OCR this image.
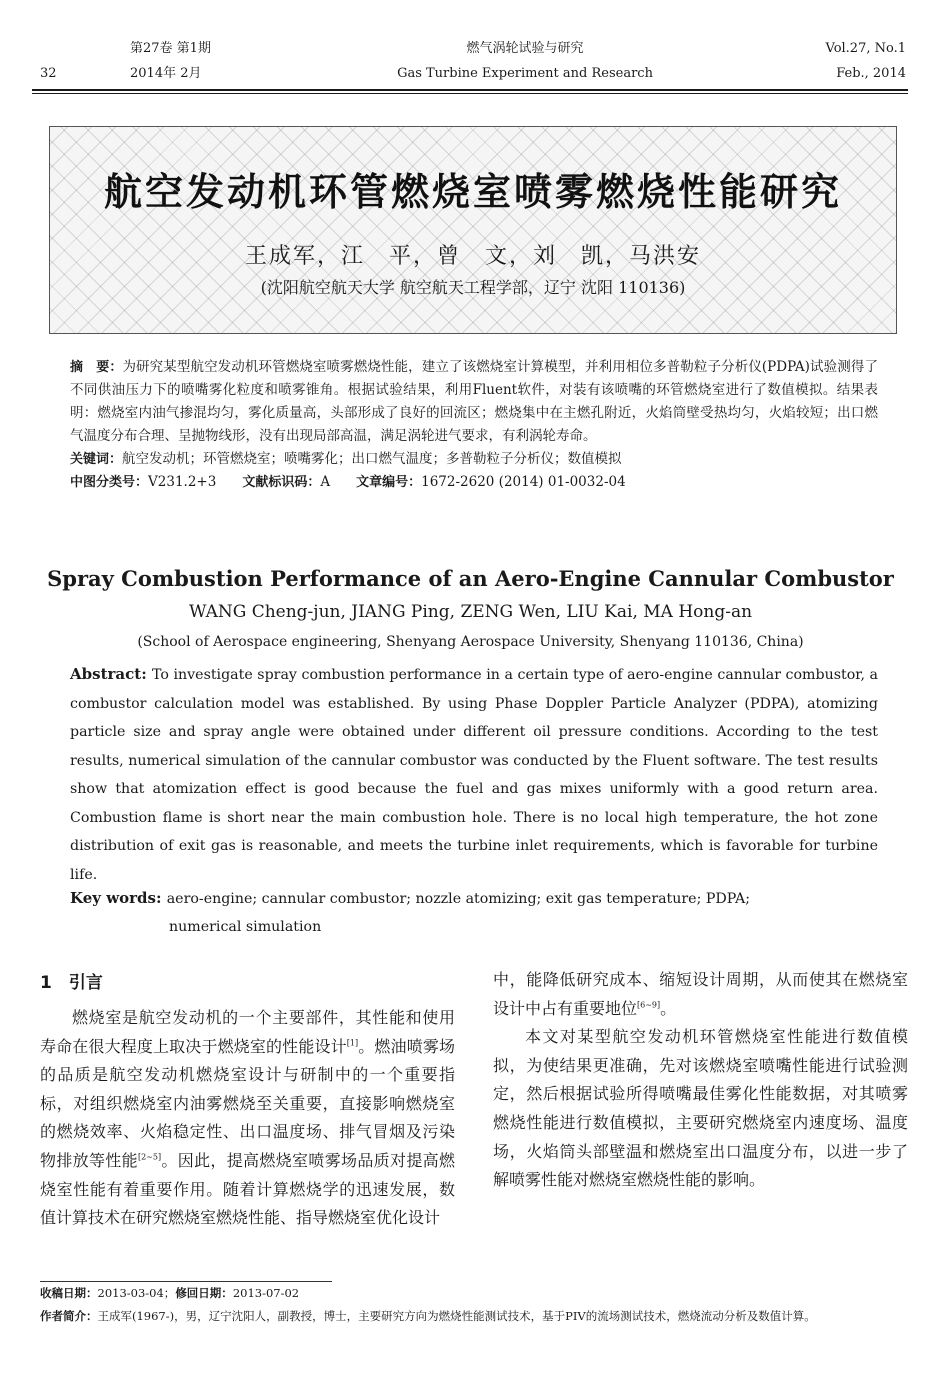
第27卷 第1期
32	2014年 2月
燃气涡轮试验与研究
Gas Turbine Experiment and Research
Vol.27, No.1
Feb., 2014
航空发动机环管燃烧室喷雾燃烧性能研究
王成军，江　平，曾　文，刘　凯，马洪安
(沈阳航空航天大学 航空航天工程学部，辽宁 沈阳 110136)

摘　要：为研究某型航空发动机环管燃烧室喷雾燃烧性能，建立了该燃烧室计算模型，并利用相位多普勒粒子分析仪(PDPA)试验测得了不同供油压力下的喷嘴雾化粒度和喷雾锥角。根据试验结果，利用Fluent软件，对装有该喷嘴的环管燃烧室进行了数值模拟。结果表明：燃烧室内油气掺混均匀，雾化质量高，头部形成了良好的回流区；燃烧集中在主燃孔附近，火焰筒壁受热均匀，火焰较短；出口燃气温度分布合理、呈抛物线形，没有出现局部高温，满足涡轮进气要求，有利涡轮寿命。

关键词：航空发动机；环管燃烧室；喷嘴雾化；出口燃气温度；多普勒粒子分析仪；数值模拟

中图分类号：V231.2+3 文献标识码：A 文章编号：1672-2620 (2014) 01-0032-04

Spray Combustion Performance of an Aero-Engine Cannular Combustor
WANG Cheng-jun, JIANG Ping, ZENG Wen, LIU Kai, MA Hong-an
(School of Aerospace engineering, Shenyang Aerospace University, Shenyang 110136, China)

Abstract: To investigate spray combustion performance in a certain type of aero-engine cannular combustor, a combustor calculation model was established. By using Phase Doppler Particle Analyzer (PDPA), atomizing particle size and spray angle were obtained under different oil pressure conditions. According to the test results, numerical simulation of the cannular combustor was conducted by the Fluent software. The test results show that atomization effect is good because the fuel and gas mixes uniformly with a good return area. Combustion flame is short near the main combustion hole. There is no local high temperature, the hot zone distribution of exit gas is reasonable, and meets the turbine inlet requirements, which is favorable for turbine life.

Key words: aero-engine; cannular combustor; nozzle atomizing; exit gas temperature; PDPA;
numerical simulation
1　引言

燃烧室是航空发动机的一个主要部件，其性能和使用寿命在很大程度上取决于燃烧室的性能设计[1]。燃油喷雾场的品质是航空发动机燃烧室设计与研制中的一个重要指标，对组织燃烧室内油雾燃烧至关重要，直接影响燃烧室的燃烧效率、火焰稳定性、出口温度场、排气冒烟及污染物排放等性能[2~5]。因此，提高燃烧室喷雾场品质对提高燃烧室性能有着重要作用。随着计算燃烧学的迅速发展，数值计算技术在研究燃烧室燃烧性能、指导燃烧室优化设计

中，能降低研究成本、缩短设计周期，从而使其在燃烧室设计中占有重要地位[6~9]。

本文对某型航空发动机环管燃烧室性能进行数值模拟，为使结果更准确，先对该燃烧室喷嘴性能进行试验测定，然后根据试验所得喷嘴最佳雾化性能数据，对其喷雾燃烧性能进行数值模拟，主要研究燃烧室内速度场、温度场，火焰筒头部壁温和燃烧室出口温度分布，以进一步了解喷雾性能对燃烧室燃烧性能的影响。

收稿日期：2013-03-04；修回日期：2013-07-02
作者简介：王成军(1967-)，男，辽宁沈阳人，副教授，博士，主要研究方向为燃烧性能测试技术，基于PIV的流场测试技术，燃烧流动分析及数值计算。
